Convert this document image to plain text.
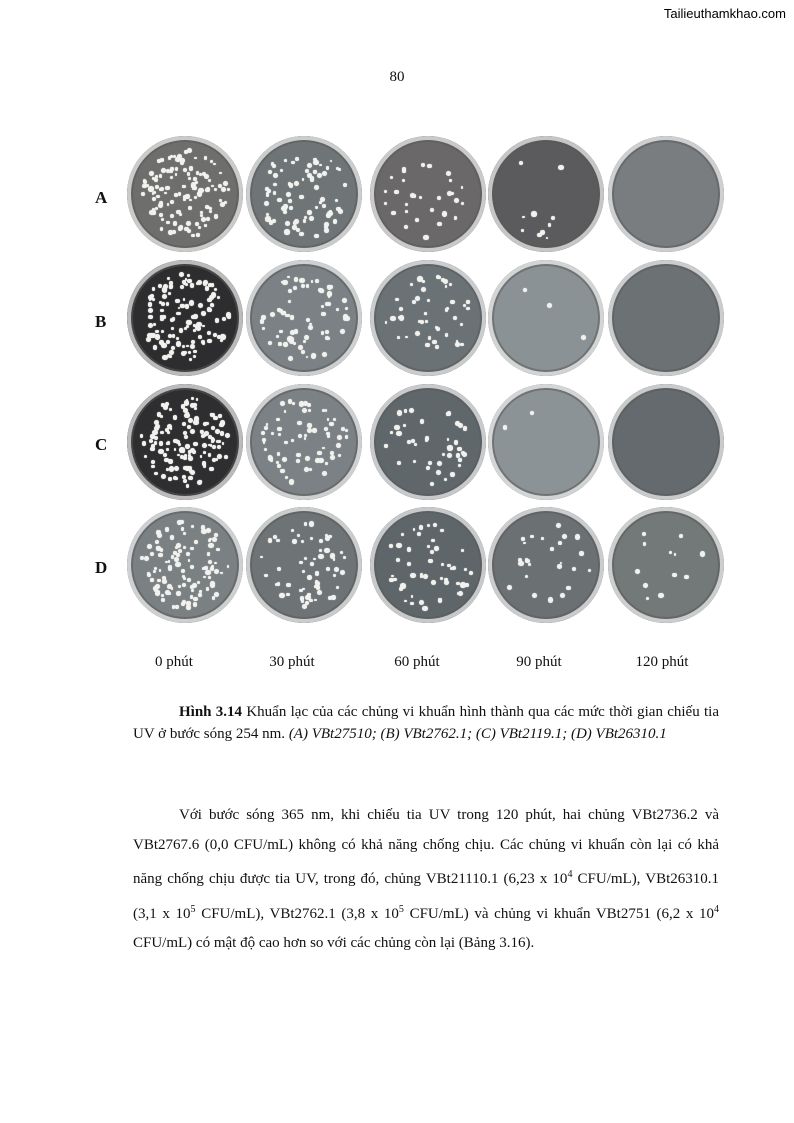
Tailieuthamkhao.com
80
A
B
C
D
0 phút	30 phút	60 phút	90 phút	120 phút
Hình 3.14 Khuẩn lạc của các chủng vi khuẩn hình thành qua các mức thời gian chiếu tia UV ở bước sóng 254 nm. (A) VBt27510; (B) VBt2762.1; (C) VBt2119.1; (D) VBt26310.1
Với bước sóng 365 nm, khi chiếu tia UV trong 120 phút, hai chủng VBt2736.2 và VBt2767.6 (0,0 CFU/mL) không có khả năng chống chịu. Các chủng vi khuẩn còn lại có khả năng chống chịu được tia UV, trong đó, chủng VBt21110.1 (6,23 x $10^4$ CFU/mL), VBt26310.1 (3,1 x $10^5$ CFU/mL), VBt2762.1 (3,8 x $10^5$ CFU/mL) và chủng vi khuẩn VBt2751 (6,2 x $10^4$ CFU/mL) có mật độ cao hơn so với các chủng còn lại (Bảng 3.16).
